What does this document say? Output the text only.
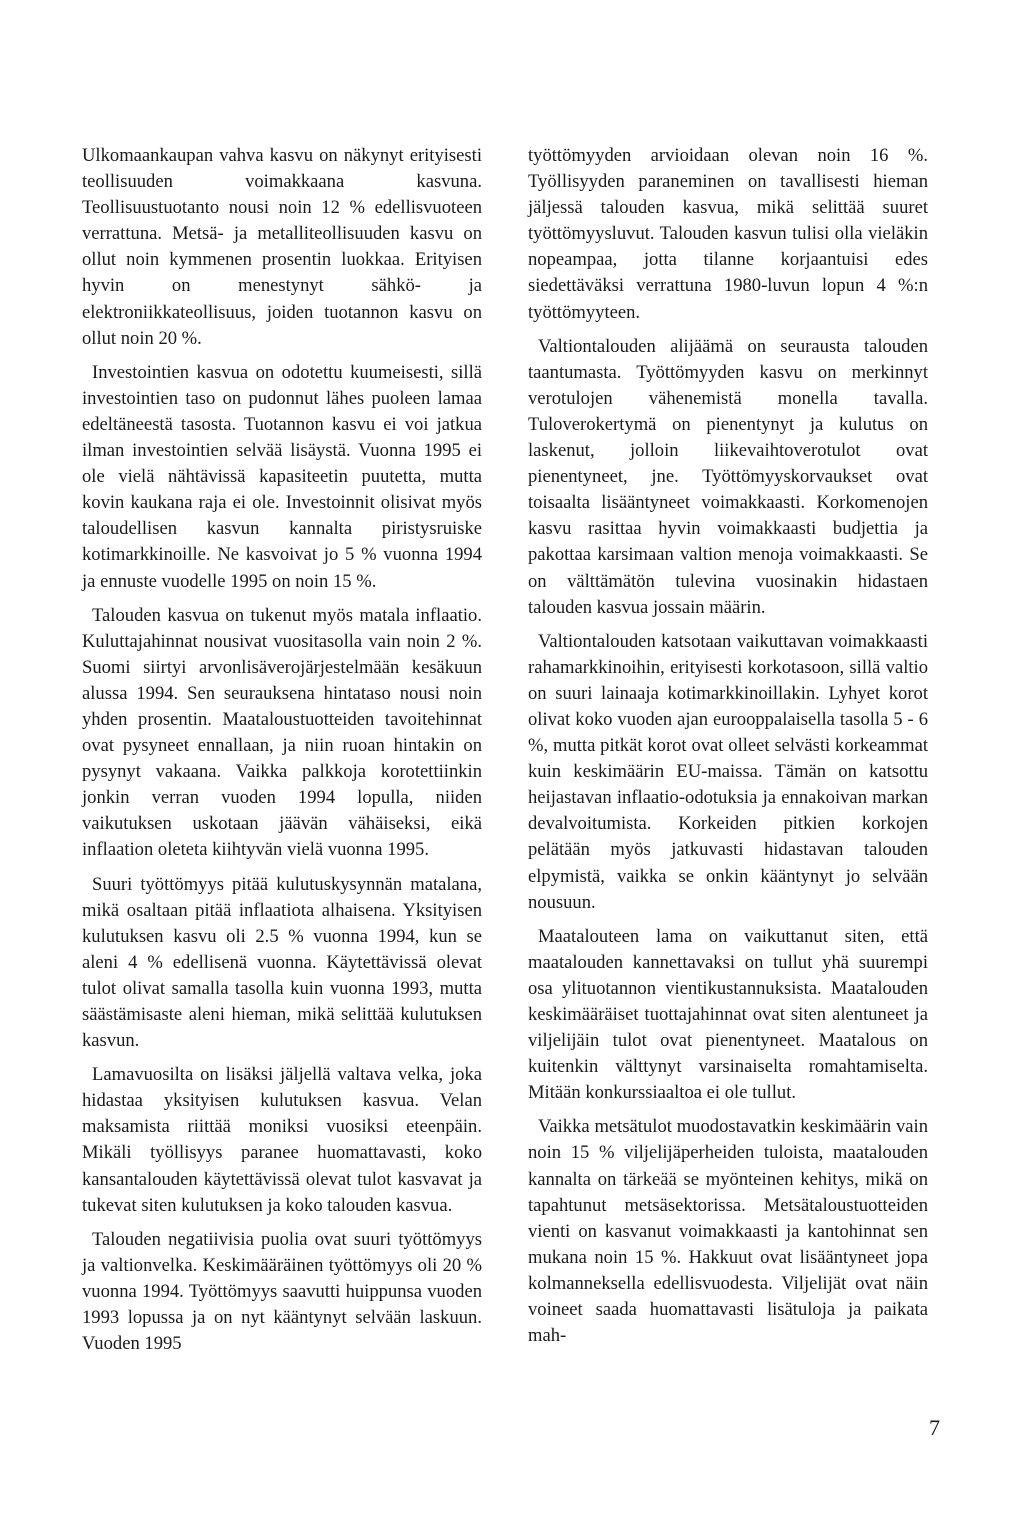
Ulkomaankaupan vahva kasvu on näkynyt erityisesti teollisuuden voimakkaana kasvuna. Teollisuustuotanto nousi noin 12 % edellisvuoteen verrattuna. Metsä- ja metalliteollisuuden kasvu on ollut noin kymmenen prosentin luokkaa. Erityisen hyvin on menestynyt sähkö- ja elektroniikkateollisuus, joiden tuotannon kasvu on ollut noin 20 %.

Investointien kasvua on odotettu kuumeisesti, sillä investointien taso on pudonnut lähes puoleen lamaa edeltäneestä tasosta. Tuotannon kasvu ei voi jatkua ilman investointien selvää lisäystä. Vuonna 1995 ei ole vielä nähtävissä kapasiteetin puutetta, mutta kovin kaukana raja ei ole. Investoinnit olisivat myös taloudellisen kasvun kannalta piristysruiske kotimarkkinoille. Ne kasvoivat jo 5 % vuonna 1994 ja ennuste vuodelle 1995 on noin 15 %.

Talouden kasvua on tukenut myös matala inflaatio. Kuluttajahinnat nousivat vuositasolla vain noin 2 %. Suomi siirtyi arvonlisäverojärjestelmään kesäkuun alussa 1994. Sen seurauksena hintataso nousi noin yhden prosentin. Maataloustuotteiden tavoitehinnat ovat pysyneet ennallaan, ja niin ruoan hintakin on pysynyt vakaana. Vaikka palkkoja korotettiinkin jonkin verran vuoden 1994 lopulla, niiden vaikutuksen uskotaan jäävän vähäiseksi, eikä inflaation oleteta kiihtyvän vielä vuonna 1995.

Suuri työttömyys pitää kulutuskysynnän matalana, mikä osaltaan pitää inflaatiota alhaisena. Yksityisen kulutuksen kasvu oli 2.5 % vuonna 1994, kun se aleni 4 % edellisenä vuonna. Käytettävissä olevat tulot olivat samalla tasolla kuin vuonna 1993, mutta säästämisaste aleni hieman, mikä selittää kulutuksen kasvun.

Lamavuosilta on lisäksi jäljellä valtava velka, joka hidastaa yksityisen kulutuksen kasvua. Velan maksamista riittää moniksi vuosiksi eteenpäin. Mikäli työllisyys paranee huomattavasti, koko kansantalouden käytettävissä olevat tulot kasvavat ja tukevat siten kulutuksen ja koko talouden kasvua.

Talouden negatiivisia puolia ovat suuri työttömyys ja valtionvelka. Keskimääräinen työttömyys oli 20 % vuonna 1994. Työttömyys saavutti huippunsa vuoden 1993 lopussa ja on nyt kääntynyt selvään laskuun. Vuoden 1995

työttömyyden arvioidaan olevan noin 16 %. Työllisyyden paraneminen on tavallisesti hieman jäljessä talouden kasvua, mikä selittää suuret työttömyysluvut. Talouden kasvun tulisi olla vieläkin nopeampaa, jotta tilanne korjaantuisi edes siedettäväksi verrattuna 1980-luvun lopun 4 %:n työttömyyteen.

Valtiontalouden alijäämä on seurausta talouden taantumasta. Työttömyyden kasvu on merkinnyt verotulojen vähenemistä monella tavalla. Tuloverokertymä on pienentynyt ja kulutus on laskenut, jolloin liikevaihtoverotulot ovat pienentyneet, jne. Työttömyyskorvaukset ovat toisaalta lisääntyneet voimakkaasti. Korkomenojen kasvu rasittaa hyvin voimakkaasti budjettia ja pakottaa karsimaan valtion menoja voimakkaasti. Se on välttämätön tulevina vuosinakin hidastaen talouden kasvua jossain määrin.

Valtiontalouden katsotaan vaikuttavan voimakkaasti rahamarkkinoihin, erityisesti korkotasoon, sillä valtio on suuri lainaaja kotimarkkinoillakin. Lyhyet korot olivat koko vuoden ajan eurooppalaisella tasolla 5 - 6 %, mutta pitkät korot ovat olleet selvästi korkeammat kuin keskimäärin EU-maissa. Tämän on katsottu heijastavan inflaatio-odotuksia ja ennakoivan markan devalvoitumista. Korkeiden pitkien korkojen pelätään myös jatkuvasti hidastavan talouden elpymistä, vaikka se onkin kääntynyt jo selvään nousuun.

Maatalouteen lama on vaikuttanut siten, että maatalouden kannettavaksi on tullut yhä suurempi osa ylituotannon vientikustannuksista. Maatalouden keskimääräiset tuottajahinnat ovat siten alentuneet ja viljelijäin tulot ovat pienentyneet. Maatalous on kuitenkin välttynyt varsinaiselta romahtamiselta. Mitään konkurssiaaltoa ei ole tullut.

Vaikka metsätulot muodostavatkin keskimäärin vain noin 15 % viljelijäperheiden tuloista, maatalouden kannalta on tärkeää se myönteinen kehitys, mikä on tapahtunut metsäsektorissa. Metsätaloustuotteiden vienti on kasvanut voimakkaasti ja kantohinnat sen mukana noin 15 %. Hakkuut ovat lisääntyneet jopa kolmanneksella edellisvuodesta. Viljelijät ovat näin voineet saada huomattavasti lisätuloja ja paikata mah-

7
